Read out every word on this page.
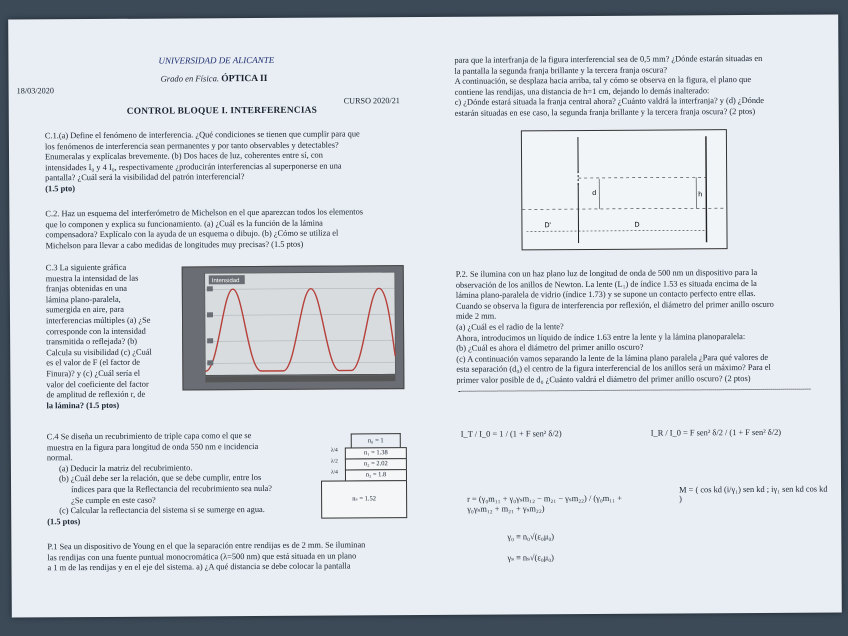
UNIVERSIDAD DE ALICANTE
Grado en Física. ÓPTICA II
18/03/2020
CURSO 2020/21
CONTROL BLOQUE I. INTERFERENCIAS
C.1.(a) Define el fenómeno de interferencia. ¿Qué condiciones se tienen que cumplir para que
los fenómenos de interferencia sean permanentes y por tanto observables y detectables?
Enumeralas y explícalas brevemente. (b) Dos haces de luz, coherentes entre sí, con
intensidades I₀ y 4 I₀, respectivamente ¿producirán interferencias al superponerse en una
pantalla? ¿Cuál será la visibilidad del patrón interferencial?
(1.5 pto)
C.2. Haz un esquema del interferómetro de Michelson en el que aparezcan todos los elementos
que lo componen y explica su funcionamiento. (a) ¿Cuál es la función de la lámina
compensadora? Explícalo con la ayuda de un esquema o dibujo. (b) ¿Cómo se utiliza el
Michelson para llevar a cabo medidas de longitudes muy precisas? (1.5 ptos)
C.3 La siguiente gráfica
muestra la intensidad de las
franjas obtenidas en una
lámina plano-paralela,
sumergida en aire, para
interferencias múltiples (a) ¿Se
corresponde con la intensidad
transmitida o reflejada? (b)
Calcula su visibilidad (c) ¿Cuál
es el valor de F (el factor de
Finura)? y (c) ¿Cuál sería el
valor del coeficiente del factor
de amplitud de reflexión r, de
la lámina? (1.5 ptos)
Intensidad
C.4 Se diseña un recubrimiento de triple capa como el que se
muestra en la figura para longitud de onda 550 nm e incidencia
normal.
(a) Deducir la matriz del recubrimiento.
(b) ¿Cuál debe ser la relación, que se debe cumplir, entre los
índices para que la Reflectancia del recubrimiento sea nula?
¿Se cumple en este caso?
(c) Calcular la reflectancia del sistema si se sumerge en agua.
(1.5 ptos)
n₀ = 1
n₁ = 1.38
n₂ = 2.02
n₃ = 1.8
nₛ = 1.52
λ/4
λ/2
λ/4
P.1 Sea un dispositivo de Young en el que la separación entre rendijas es de 2 mm. Se iluminan
las rendijas con una fuente puntual monocromática (λ=500 nm) que está situada en un plano
a 1 m de las rendijas y en el eje del sistema. a) ¿A qué distancia se debe colocar la pantalla
para que la interfranja de la figura interferencial sea de 0,5 mm? ¿Dónde estarán situadas en
la pantalla la segunda franja brillante y la tercera franja oscura?
A continuación, se desplaza hacia arriba, tal y cómo se observa en la figura, el plano que
contiene las rendijas, una distancia de h=1 cm, dejando lo demás inalterado:
c) ¿Dónde estará situada la franja central ahora? ¿Cuánto valdrá la interfranja? y (d) ¿Dónde
estarán situadas en ese caso, la segunda franja brillante y la tercera franja oscura? (2 ptos)
d	h
D'	D
P.2. Se ilumina con un haz plano luz de longitud de onda de 500 nm un dispositivo para la
observación de los anillos de Newton. La lente (L₁) de índice 1.53 es situada encima de la
lámina plano-paralela de vidrio (índice 1.73) y se supone un contacto perfecto entre ellas.
Cuando se observa la figura de interferencia por reflexión, el diámetro del primer anillo oscuro
mide 2 mm.
(a) ¿Cuál es el radio de la lente?
Ahora, introducimos un líquido de índice 1.63 entre la lente y la lámina planoparalela:
(b) ¿Cuál es ahora el diámetro del primer anillo oscuro?
(c) A continuación vamos separando la lente de la lámina plano paralela ¿Para qué valores de
esta separación (d₀) el centro de la figura interferencial de los anillos será un máximo? Para el
primer valor posible de d₀ ¿Cuánto valdrá el diámetro del primer anillo oscuro? (2 ptos)
I_T / I_0 = 1 / (1 + F sen² δ/2)	I_R / I_0 = F sen² δ/2 / (1 + F sen² δ/2)
r = (γ₀m₁₁ + γ₀γₛm₁₂ − m₂₁ − γₛm₂₂) / (γ₀m₁₁ + γ₀γₛm₁₂ + m₂₁ + γₛm₂₂)
M = ( cos kd (i/γ₁) sen kd ; iγ₁ sen kd cos kd )
γ₀ ≡ n₀√(ε₀μ₀)
γₛ ≡ nₛ√(ε₀μ₀)
